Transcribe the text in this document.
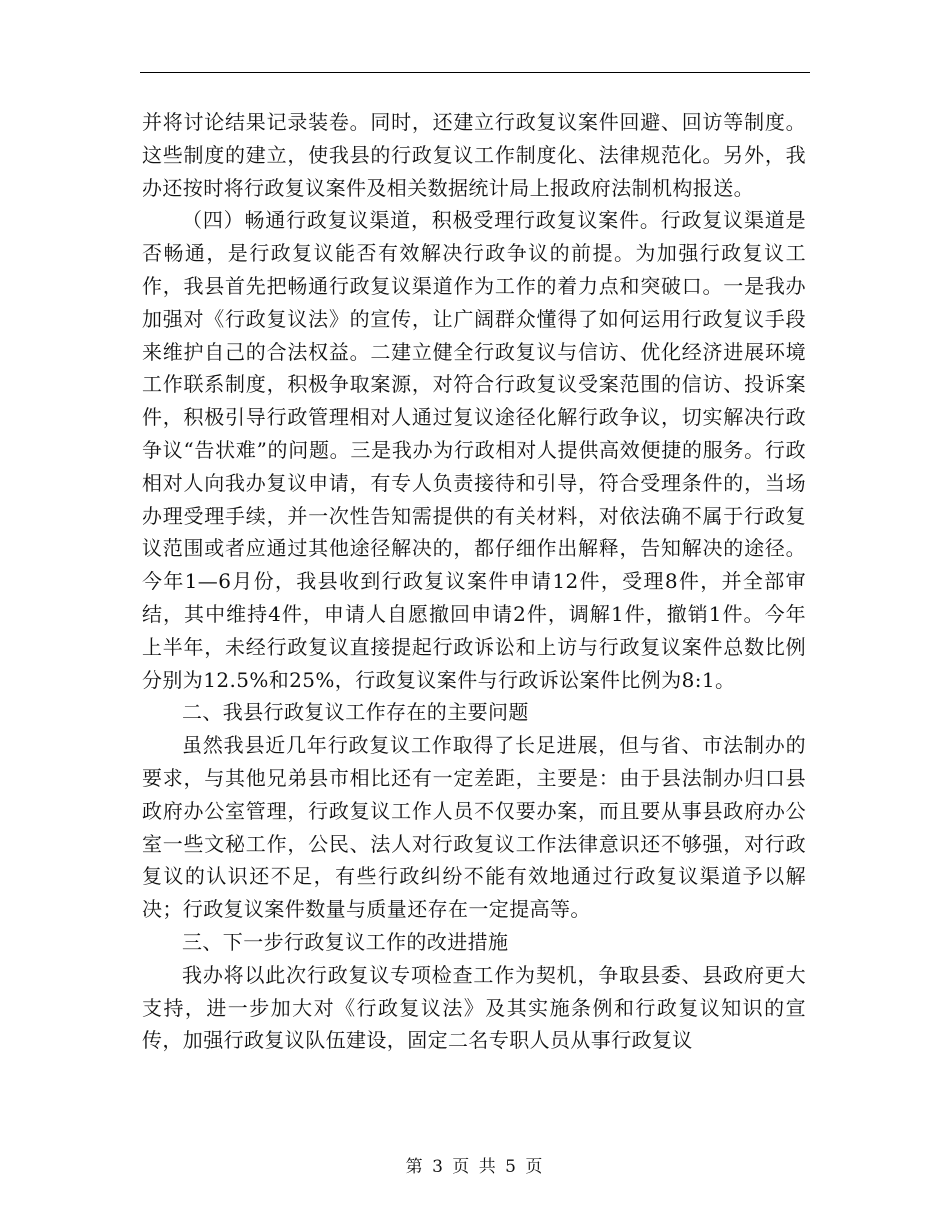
并将讨论结果记录装卷。同时，还建立行政复议案件回避、回访等制度。这些制度的建立，使我县的行政复议工作制度化、法律规范化。另外，我办还按时将行政复议案件及相关数据统计局上报政府法制机构报送。

（四）畅通行政复议渠道，积极受理行政复议案件。行政复议渠道是否畅通，是行政复议能否有效解决行政争议的前提。为加强行政复议工作，我县首先把畅通行政复议渠道作为工作的着力点和突破口。一是我办加强对《行政复议法》的宣传，让广阔群众懂得了如何运用行政复议手段来维护自己的合法权益。二建立健全行政复议与信访、优化经济进展环境工作联系制度，积极争取案源，对符合行政复议受案范围的信访、投诉案件，积极引导行政管理相对人通过复议途径化解行政争议，切实解决行政争议“告状难”的问题。三是我办为行政相对人提供高效便捷的服务。行政相对人向我办复议申请，有专人负责接待和引导，符合受理条件的，当场办理受理手续，并一次性告知需提供的有关材料，对依法确不属于行政复议范围或者应通过其他途径解决的，都仔细作出解释，告知解决的途径。今年1—6月份，我县收到行政复议案件申请12件，受理8件，并全部审结，其中维持4件，申请人自愿撤回申请2件，调解1件，撤销1件。今年上半年，未经行政复议直接提起行政诉讼和上访与行政复议案件总数比例分别为12.5%和25%，行政复议案件与行政诉讼案件比例为8:1。

二、我县行政复议工作存在的主要问题

虽然我县近几年行政复议工作取得了长足进展，但与省、市法制办的要求，与其他兄弟县市相比还有一定差距，主要是：由于县法制办归口县政府办公室管理，行政复议工作人员不仅要办案，而且要从事县政府办公室一些文秘工作，公民、法人对行政复议工作法律意识还不够强，对行政复议的认识还不足，有些行政纠纷不能有效地通过行政复议渠道予以解决；行政复议案件数量与质量还存在一定提高等。

三、下一步行政复议工作的改进措施

我办将以此次行政复议专项检查工作为契机，争取县委、县政府更大支持，进一步加大对《行政复议法》及其实施条例和行政复议知识的宣传，加强行政复议队伍建设，固定二名专职人员从事行政复议

第 3 页 共 5 页
